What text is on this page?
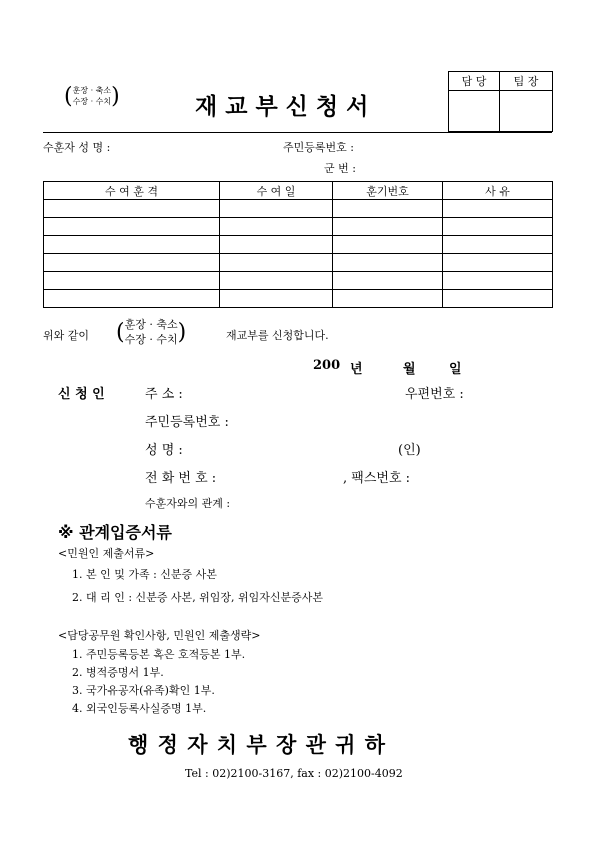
( 훈장 · 축소
수장 · 수치 )	재 교 부 신 청 서
담 당	팀 장

수훈자 성 명 :	주민등록번호 :
군 번 :
수 여 훈 격	수 여 일	훈기번호	사 유

위와 같이 ( 훈장 · 축소
수장 · 수치 )	재교부를 신청합니다.
200 년	월	일
신 청 인	주 소 :	우편번호 :
주민등록번호 :
성 명 :	(인)
전 화 번 호 :	, 팩스번호 :
수훈자와의 관계 :
※ 관계입증서류
<민원인 제출서류>
1. 본 인 및 가족 : 신분증 사본
2. 대 리 인 : 신분증 사본, 위임장, 위임자신분증사본
<담당공무원 확인사항, 민원인 제출생략>
1. 주민등록등본 혹은 호적등본 1부.
2. 병적증명서 1부.
3. 국가유공자(유족)확인 1부.
4. 외국인등록사실증명 1부.
행 정 자 치 부 장 관 귀 하
Tel : 02)2100-3167, fax : 02)2100-4092
